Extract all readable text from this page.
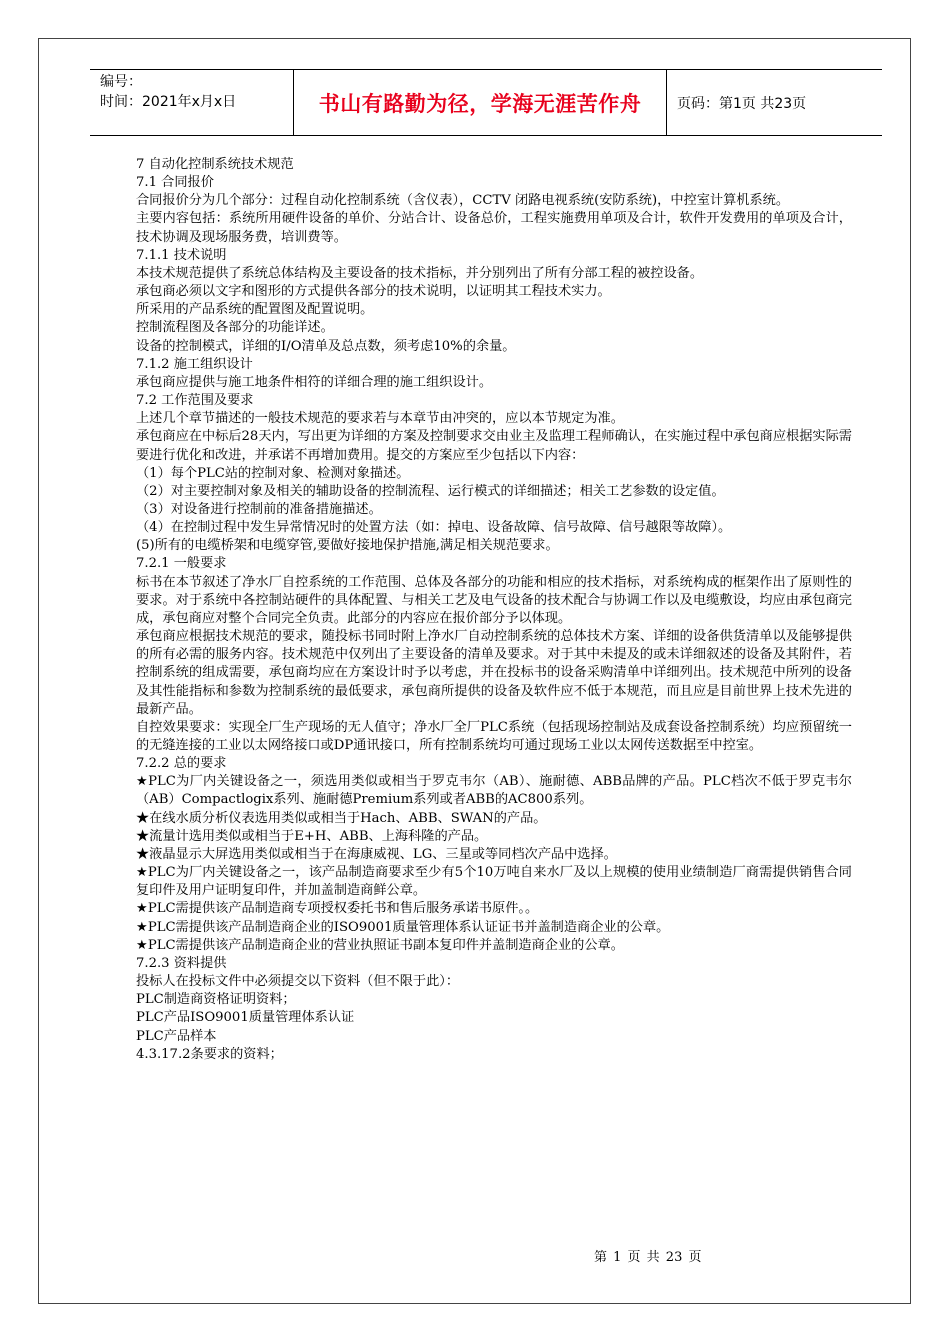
编号：
时间：2021年x月x日	书山有路勤为径，学海无涯苦作舟	页码：第1页 共23页

7 自动化控制系统技术规范

7.1 合同报价

合同报价分为几个部分：过程自动化控制系统（含仪表），CCTV 闭路电视系统(安防系统)，中控室计算机系统。

主要内容包括：系统所用硬件设备的单价、分站合计、设备总价，工程实施费用单项及合计，软件开发费用的单项及合计，技术协调及现场服务费，培训费等。

7.1.1 技术说明

本技术规范提供了系统总体结构及主要设备的技术指标，并分别列出了所有分部工程的被控设备。

承包商必须以文字和图形的方式提供各部分的技术说明，以证明其工程技术实力。

所采用的产品系统的配置图及配置说明。

控制流程图及各部分的功能详述。

设备的控制模式，详细的I/O清单及总点数，须考虑10%的余量。

7.1.2 施工组织设计

承包商应提供与施工地条件相符的详细合理的施工组织设计。

7.2 工作范围及要求

上述几个章节描述的一般技术规范的要求若与本章节由冲突的，应以本节规定为准。

承包商应在中标后28天内，写出更为详细的方案及控制要求交由业主及监理工程师确认，在实施过程中承包商应根据实际需要进行优化和改进，并承诺不再增加费用。提交的方案应至少包括以下内容：

（1）每个PLC站的控制对象、检测对象描述。

（2）对主要控制对象及相关的辅助设备的控制流程、运行模式的详细描述；相关工艺参数的设定值。

（3）对设备进行控制前的准备措施描述。

（4）在控制过程中发生异常情况时的处置方法（如：掉电、设备故障、信号故障、信号越限等故障）。

(5)所有的电缆桥架和电缆穿管,要做好接地保护措施,满足相关规范要求。

7.2.1 一般要求

标书在本节叙述了净水厂自控系统的工作范围、总体及各部分的功能和相应的技术指标，对系统构成的框架作出了原则性的要求。对于系统中各控制站硬件的具体配置、与相关工艺及电气设备的技术配合与协调工作以及电缆敷设，均应由承包商完成，承包商应对整个合同完全负责。此部分的内容应在报价部分予以体现。

承包商应根据技术规范的要求，随投标书同时附上净水厂自动控制系统的总体技术方案、详细的设备供货清单以及能够提供的所有必需的服务内容。技术规范中仅列出了主要设备的清单及要求。对于其中未提及的或未详细叙述的设备及其附件，若控制系统的组成需要，承包商均应在方案设计时予以考虑，并在投标书的设备采购清单中详细列出。技术规范中所列的设备及其性能指标和参数为控制系统的最低要求，承包商所提供的设备及软件应不低于本规范，而且应是目前世界上技术先进的最新产品。

自控效果要求：实现全厂生产现场的无人值守；净水厂全厂PLC系统（包括现场控制站及成套设备控制系统）均应预留统一的无缝连接的工业以太网络接口或DP通讯接口，所有控制系统均可通过现场工业以太网传送数据至中控室。

7.2.2 总的要求

★PLC为厂内关键设备之一，须选用类似或相当于罗克韦尔（AB）、施耐德、ABB品牌的产品。PLC档次不低于罗克韦尔（AB）Compactlogix系列、施耐德Premium系列或者ABB的AC800系列。

★在线水质分析仪表选用类似或相当于Hach、ABB、SWAN的产品。

★流量计选用类似或相当于E+H、ABB、上海科隆的产品。

★液晶显示大屏选用类似或相当于在海康威视、LG、三星或等同档次产品中选择。

★PLC为厂内关键设备之一，该产品制造商要求至少有5个10万吨自来水厂及以上规模的使用业绩制造厂商需提供销售合同复印件及用户证明复印件，并加盖制造商鲜公章。

★PLC需提供该产品制造商专项授权委托书和售后服务承诺书原件。。

★PLC需提供该产品制造商企业的ISO9001质量管理体系认证证书并盖制造商企业的公章。

★PLC需提供该产品制造商企业的营业执照证书副本复印件并盖制造商企业的公章。

7.2.3 资料提供

投标人在投标文件中必须提交以下资料（但不限于此）：

PLC制造商资格证明资料；

PLC产品ISO9001质量管理体系认证

PLC产品样本

4.3.17.2条要求的资料；

第 1 页 共 23 页
